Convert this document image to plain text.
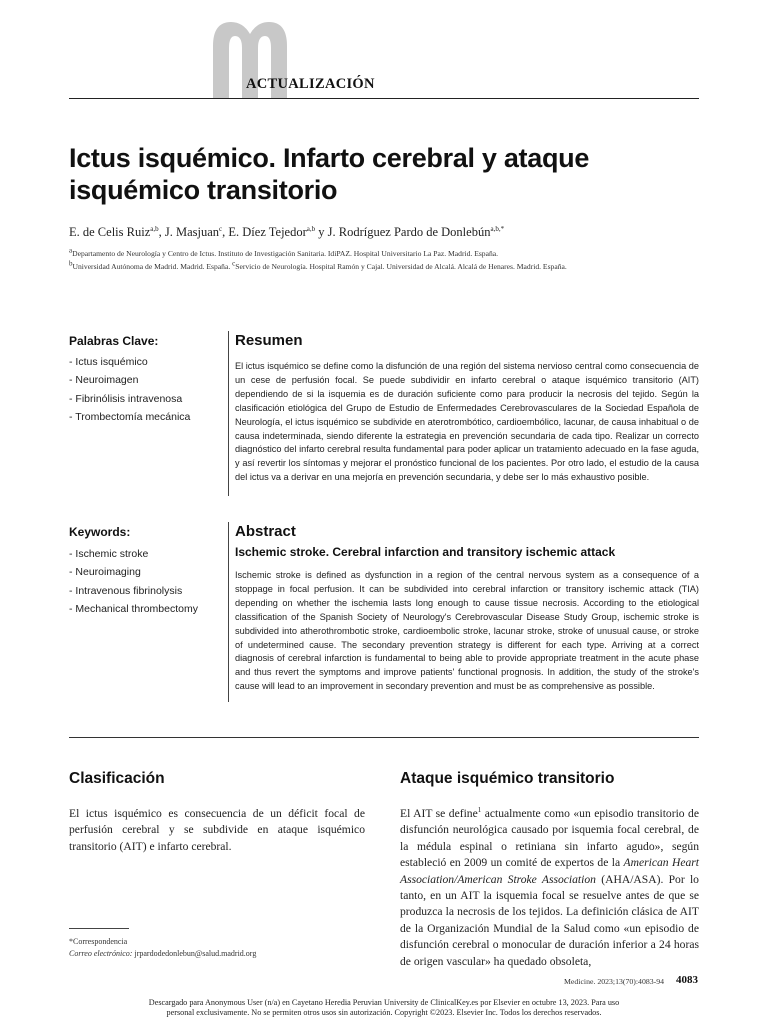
ACTUALIZACIÓN
Ictus isquémico. Infarto cerebral y ataque isquémico transitorio
E. de Celis Ruiz$^{a,b}$, J. Masjuan$^c$, E. Díez Tejedor$^{a,b}$ y J. Rodríguez Pardo de Donlebún$^{a,b,*}$
$^a$Departamento de Neurología y Centro de Ictus. Instituto de Investigación Sanitaria. IdiPAZ. Hospital Universitario La Paz. Madrid. España.
$^b$Universidad Autónoma de Madrid. Madrid. España. $^c$Servicio de Neurología. Hospital Ramón y Cajal. Universidad de Alcalá. Alcalá de Henares. Madrid. España.
Palabras Clave:
- Ictus isquémico
- Neuroimagen
- Fibrinólisis intravenosa
- Trombectomía mecánica
Resumen
El ictus isquémico se define como la disfunción de una región del sistema nervioso central como consecuencia de un cese de perfusión focal. Se puede subdividir en infarto cerebral o ataque isquémico transitorio (AIT) dependiendo de si la isquemia es de duración suficiente como para producir la necrosis del tejido. Según la clasificación etiológica del Grupo de Estudio de Enfermedades Cerebrovasculares de la Sociedad Española de Neurología, el ictus isquémico se subdivide en aterotrombótico, cardioembólico, lacunar, de causa inhabitual o de causa indeterminada, siendo diferente la estrategia en prevención secundaria de cada tipo. Realizar un correcto diagnóstico del infarto cerebral resulta fundamental para poder aplicar un tratamiento adecuado en la fase aguda, y así revertir los síntomas y mejorar el pronóstico funcional de los pacientes. Por otro lado, el estudio de la causa del ictus va a derivar en una mejoría en prevención secundaria, y debe ser lo más exhaustivo posible.
Keywords:
- Ischemic stroke
- Neuroimaging
- Intravenous fibrinolysis
- Mechanical thrombectomy
Abstract
Ischemic stroke. Cerebral infarction and transitory ischemic attack
Ischemic stroke is defined as dysfunction in a region of the central nervous system as a consequence of a stoppage in focal perfusion. It can be subdivided into cerebral infarction or transitory ischemic attack (TIA) depending on whether the ischemia lasts long enough to cause tissue necrosis. According to the etiological classification of the Spanish Society of Neurology's Cerebrovascular Disease Study Group, ischemic stroke is subdivided into atherothrombotic stroke, cardioembolic stroke, lacunar stroke, stroke of unusual cause, or stroke of undetermined cause. The secondary prevention strategy is different for each type. Arriving at a correct diagnosis of cerebral infarction is fundamental to being able to provide appropriate treatment in the acute phase and thus revert the symptoms and improve patients' functional prognosis. In addition, the study of the stroke's cause will lead to an improvement in secondary prevention and must be as comprehensive as possible.
Clasificación
El ictus isquémico es consecuencia de un déficit focal de perfusión cerebral y se subdivide en ataque isquémico transitorio (AIT) e infarto cerebral.
Ataque isquémico transitorio
El AIT se define$^1$ actualmente como «un episodio transitorio de disfunción neurológica causado por isquemia focal cerebral, de la médula espinal o retiniana sin infarto agudo», según estableció en 2009 un comité de expertos de la American Heart Association/American Stroke Association (AHA/ASA). Por lo tanto, en un AIT la isquemia focal se resuelve antes de que se produzca la necrosis de los tejidos. La definición clásica de AIT de la Organización Mundial de la Salud como «un episodio de disfunción cerebral o monocular de duración inferior a 24 horas de origen vascular» ha quedado obsoleta,
*Correspondencia
Correo electrónico: jrpardodedonlebun@salud.madrid.org
Medicine. 2023;13(70):4083-94 4083
Descargado para Anonymous User (n/a) en Cayetano Heredia Peruvian University de ClinicalKey.es por Elsevier en octubre 13, 2023. Para uso
personal exclusivamente. No se permiten otros usos sin autorización. Copyright ©2023. Elsevier Inc. Todos los derechos reservados.
